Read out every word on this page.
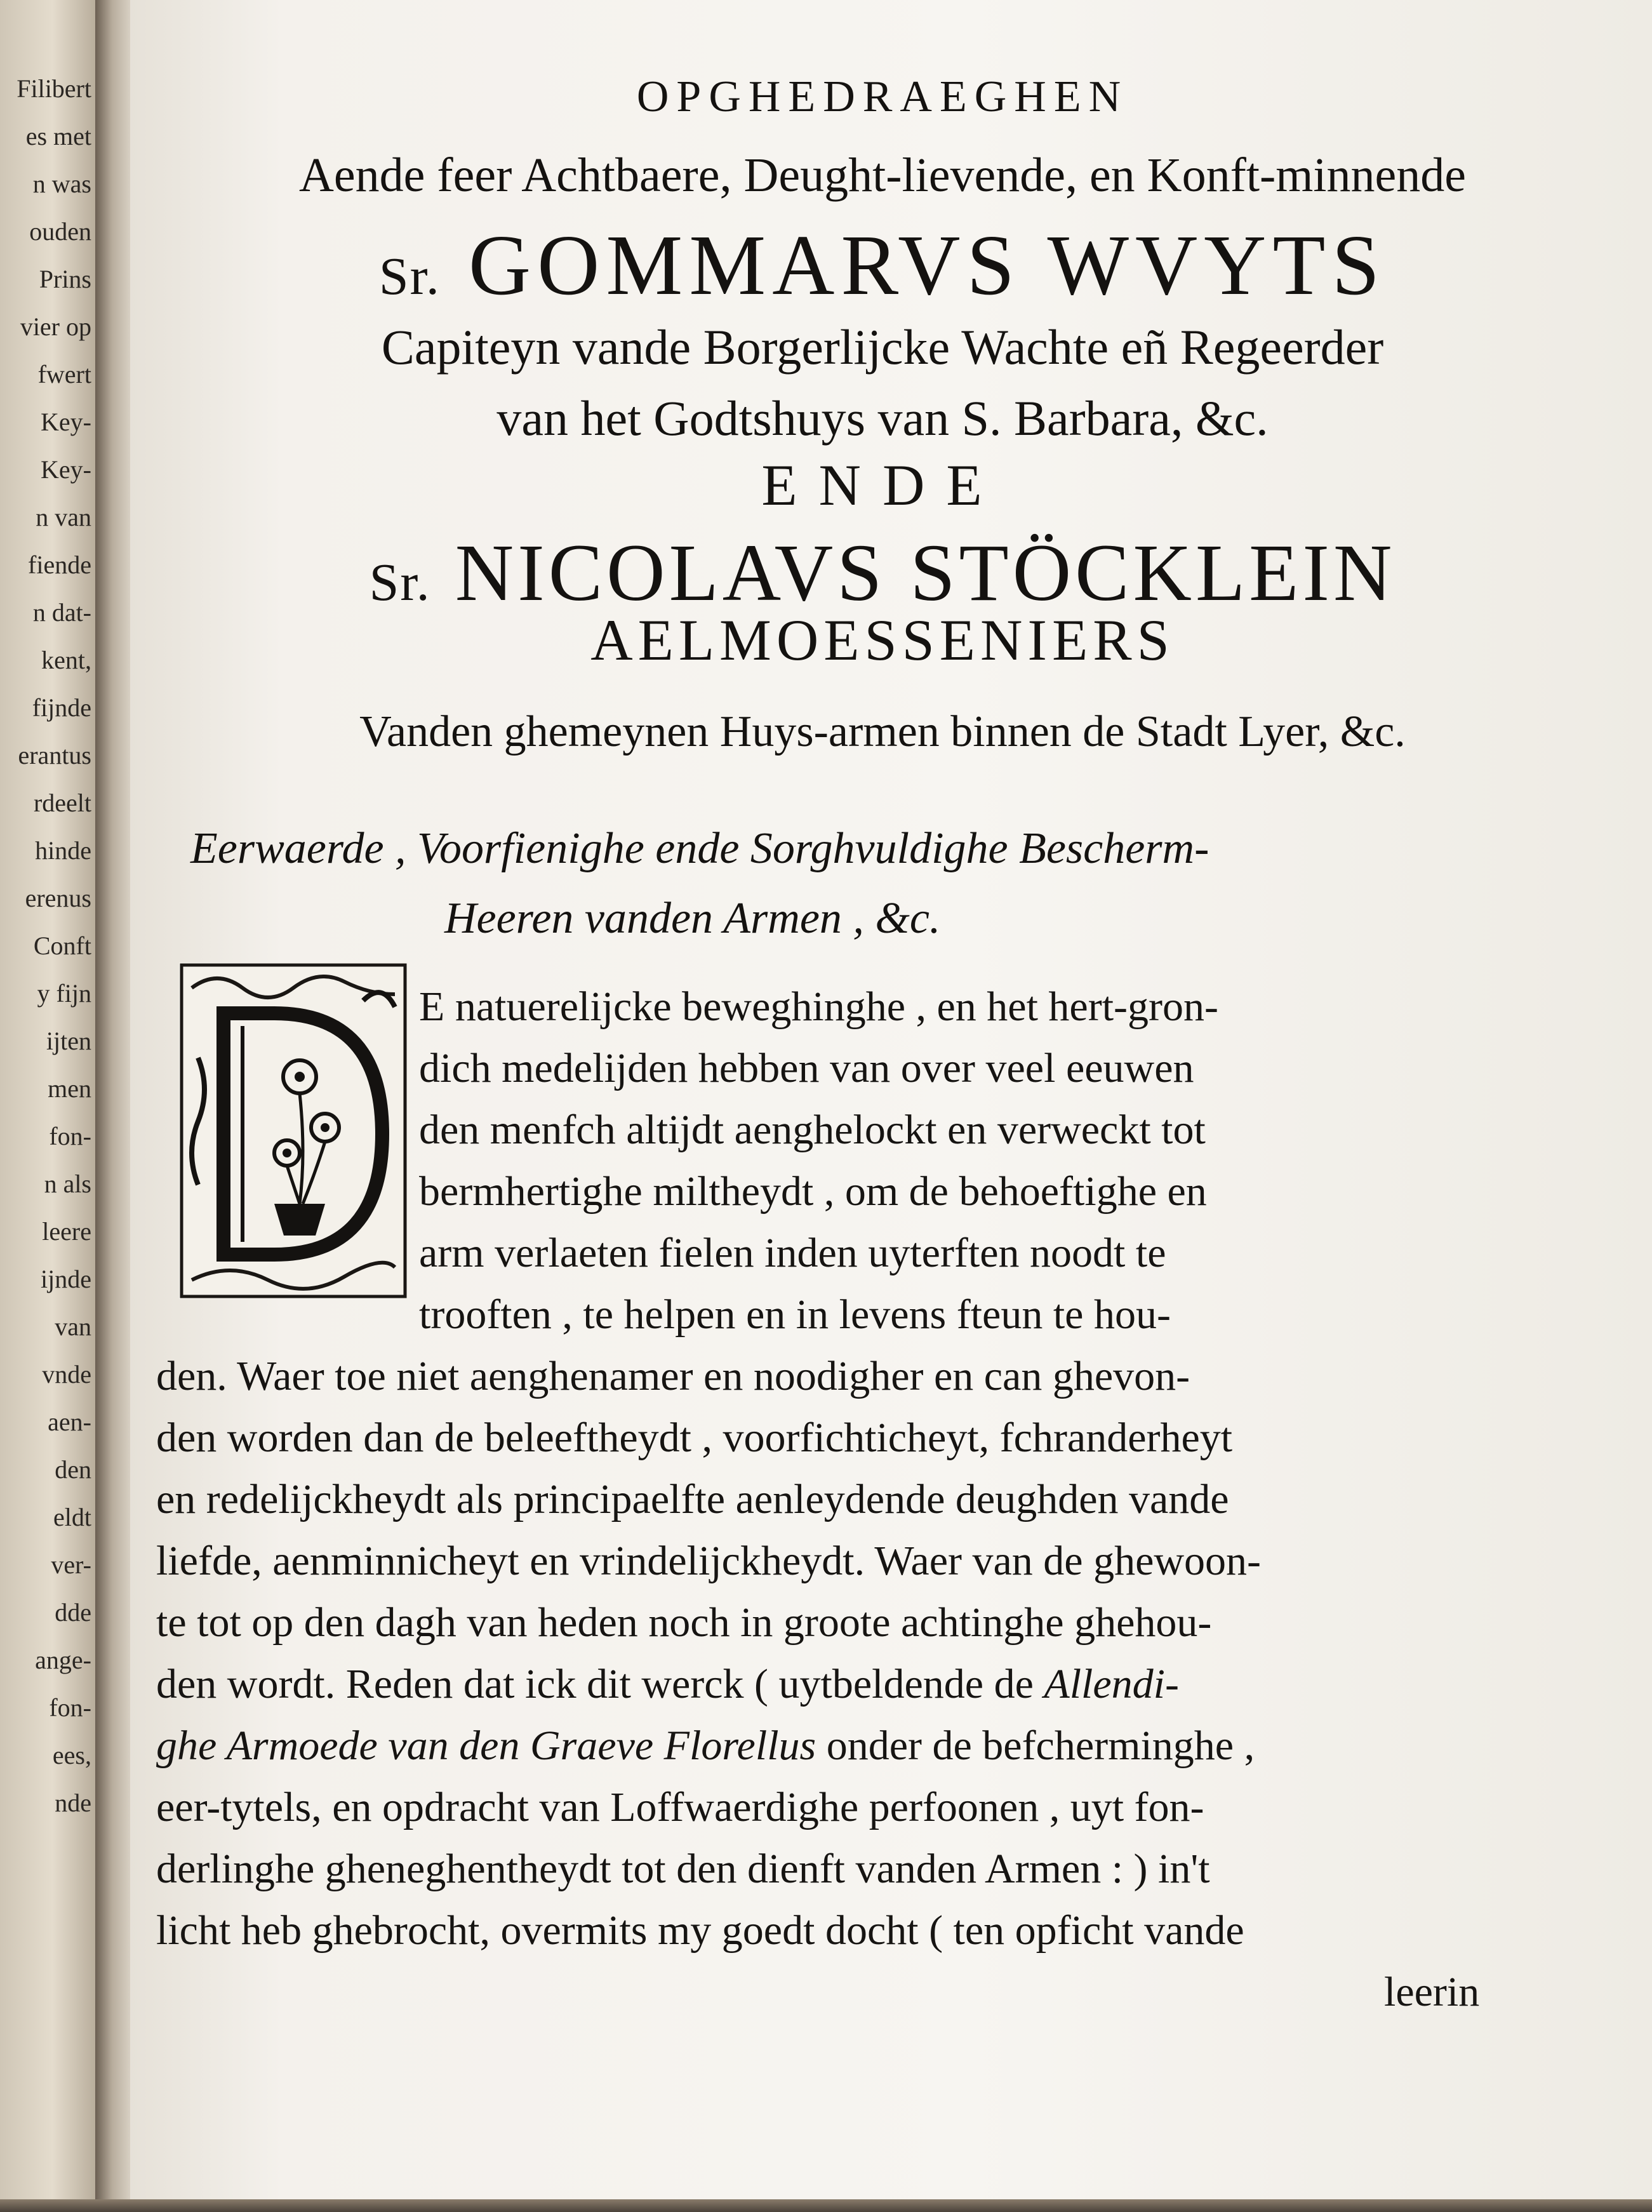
Filibert
es met
n was
ouden
Prins
vier op
fwert
Key-
Key-
n van
fiende
n dat-
kent,
fijnde
erantus
rdeelt
hinde
erenus
Conft
y fijn
ijten
men
fon-
n als
leere
ijnde
van
vnde
aen-
den
eldt
ver-
dde
ange-
fon-
ees,
nde
OPGHEDRAEGHEN
Aende feer Achtbaere, Deught-lievende, en Konft-minnende
Sr. GOMMARVS WVYTS
Capiteyn vande Borgerlijcke Wachte eñ Regeerder
van het Godtshuys van S. Barbara, &c.
ENDE
Sr. NICOLAVS STÖCKLEIN
AELMOESSENIERS
Vanden ghemeynen Huys-armen binnen de Stadt Lyer, &c.
Eerwaerde , Voorfienighe ende Sorghvuldighe Bescherm-
Heeren vanden Armen , &c.
E natuerelijcke beweghinghe , en het hert-gron-
dich medelijden hebben van over veel eeuwen
den menfch altijdt aenghelockt en verweckt tot
bermhertighe miltheydt , om de behoeftighe en
arm verlaeten fielen inden uyterften noodt te
trooften , te helpen en in levens fteun te hou-
den. Waer toe niet aenghenamer en noodigher en can ghevon-
den worden dan de beleeftheydt , voorfichticheyt, fchranderheyt
en redelijckheydt als principaelfte aenleydende deughden vande
liefde, aenminnicheyt en vrindelijckheydt. Waer van de ghewoon-
te tot op den dagh van heden noch in groote achtinghe ghehou-
den wordt. Reden dat ick dit werck ( uytbeldende de Allendi-
ghe Armoede van den Graeve Florellus onder de befcherminghe ,
eer-tytels, en opdracht van Loffwaerdighe perfoonen , uyt fon-
derlinghe gheneghentheydt tot den dienft vanden Armen : ) in't
licht heb ghebrocht, overmits my goedt docht ( ten opficht vande
leerin
